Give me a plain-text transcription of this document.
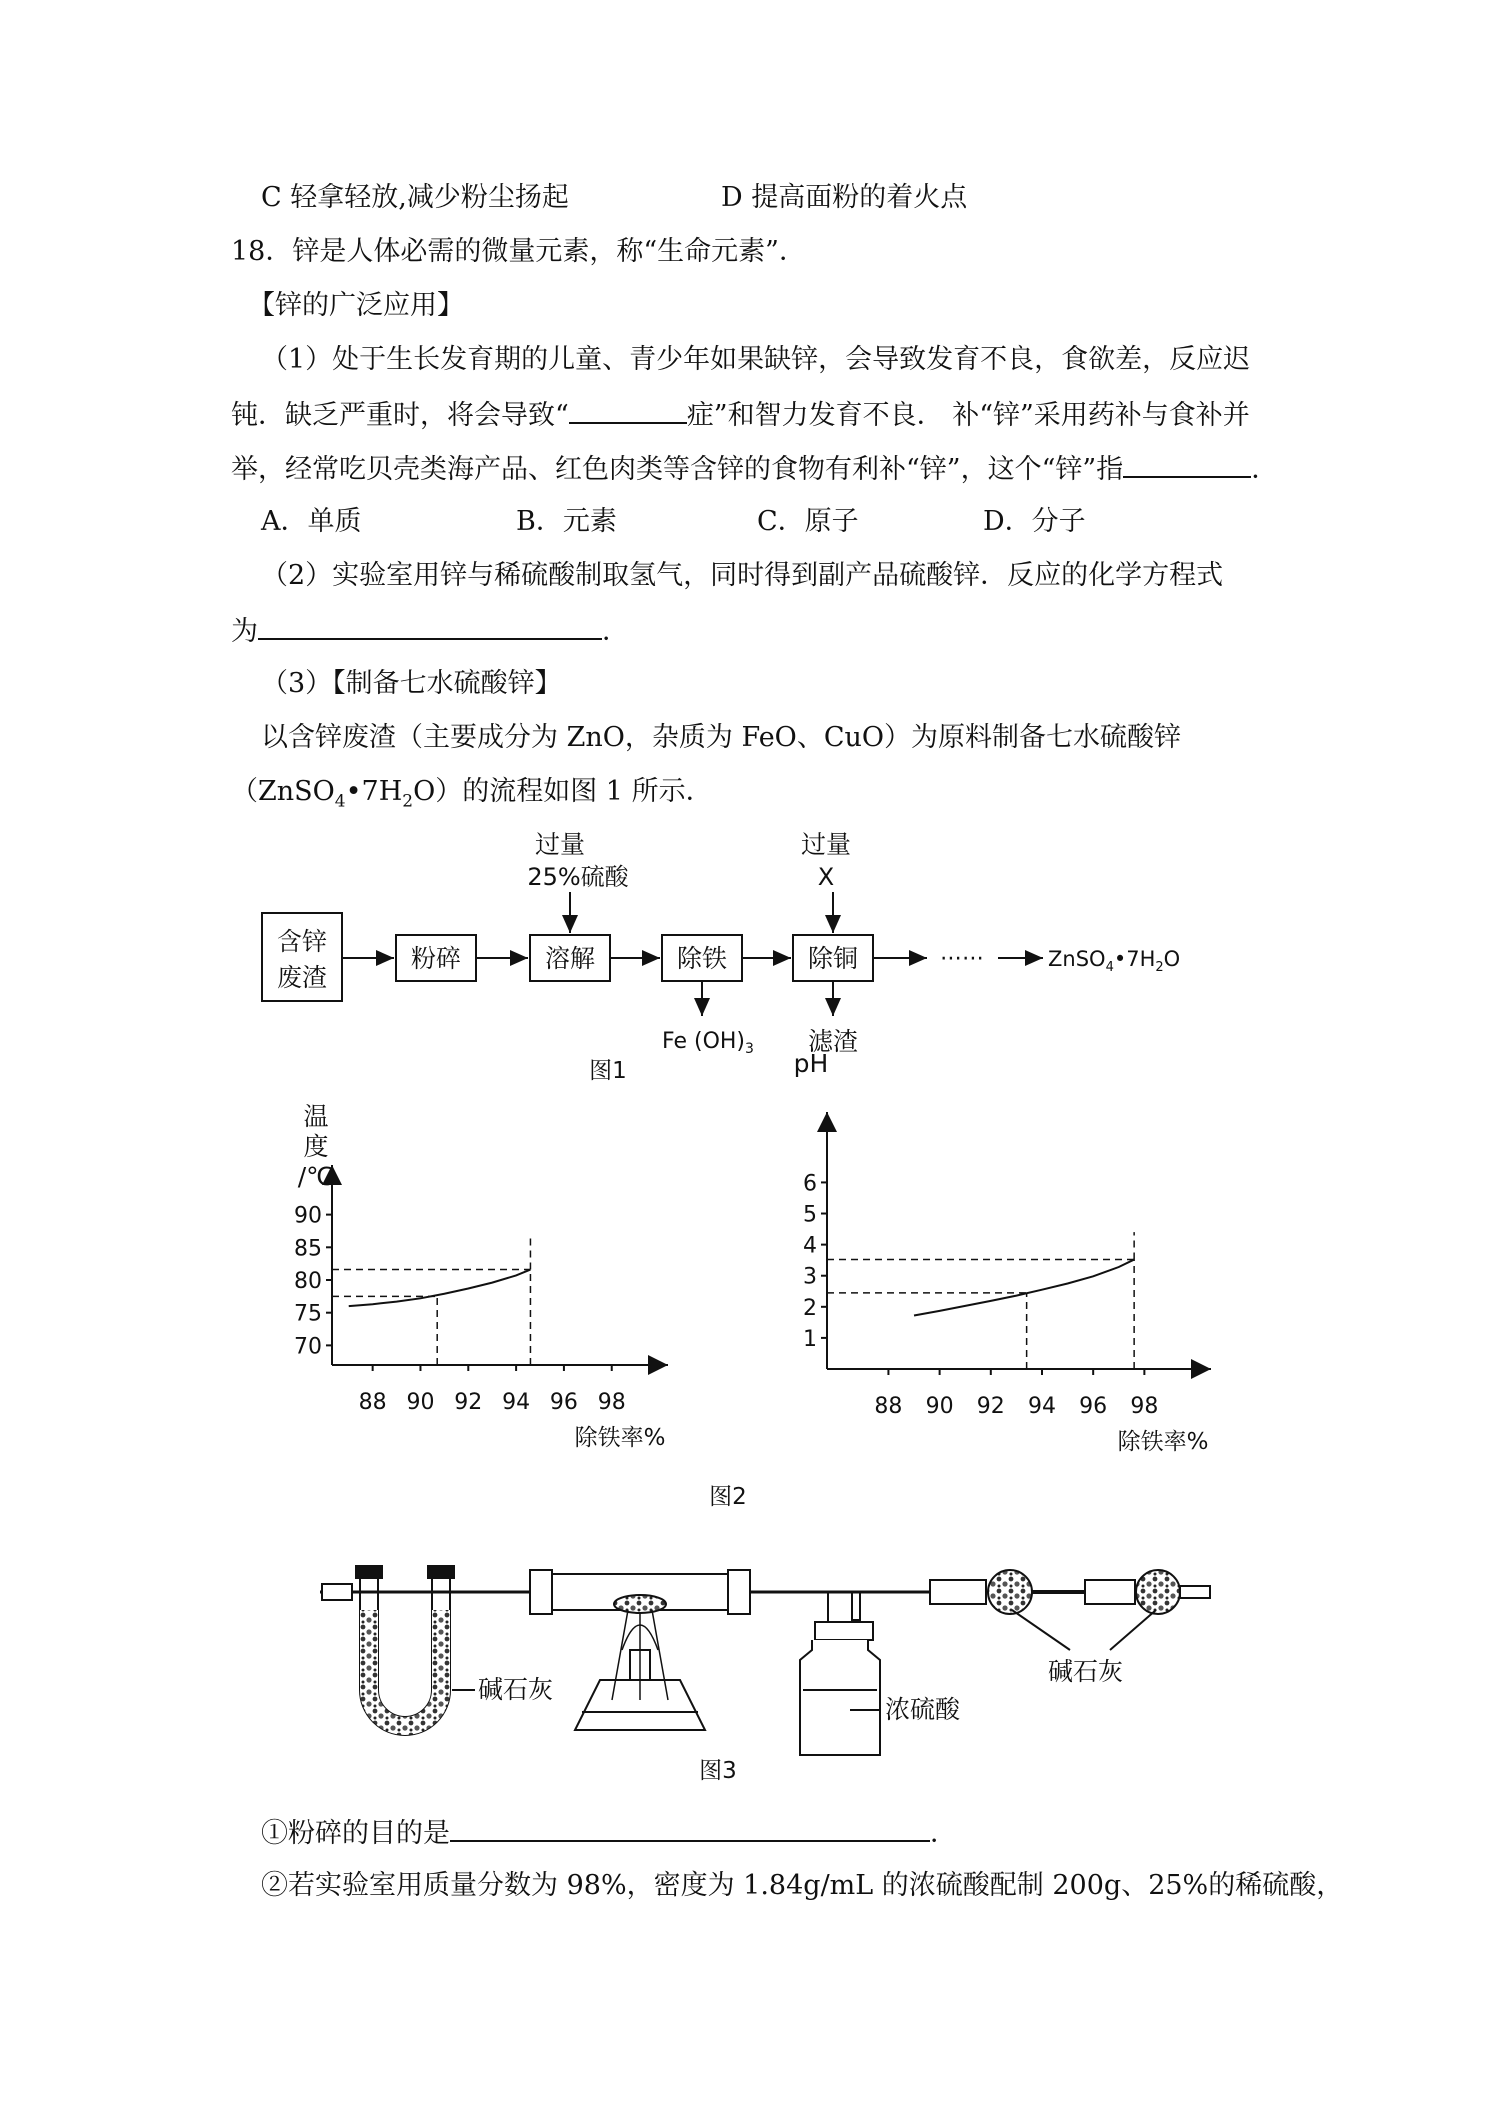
C 轻拿轻放,减少粉尘扬起	D 提高面粉的着火点
18．锌是人体必需的微量元素，称“生命元素”．
【锌的广泛应用】
（1）处于生长发育期的儿童、青少年如果缺锌，会导致发育不良，食欲差，反应迟
钝．缺乏严重时，将会导致“	症”和智力发育不良． 补“锌”采用药补与食补并
举，经常吃贝壳类海产品、红色肉类等含锌的食物有利补“锌”，这个“锌”指	．
A．单质	B．元素	C．原子	D．分子
（2）实验室用锌与稀硫酸制取氢气，同时得到副产品硫酸锌．反应的化学方程式
为	．
（3）【制备七水硫酸锌】
以含锌废渣（主要成分为 ZnO，杂质为 FeO、CuO）为原料制备七水硫酸锌
$(ZnSO_4•7H_2O)$的流程如图 1 所示．
含锌
废渣
粉碎	溶解	除铁	除铜
过量
25%硫酸
过量
X
⋯⋯	$ZnSO_4•7H_2O$
Fe $(OH)_3$ 滤渣
图1
70
75
80
85
90
88 90 92 94 96 98
除铁率%
温
度
/℃
1
2
3
4
5
6
88 90 92 94 96 98
除铁率%
pH
图2
碱石灰
浓硫酸
碱石灰
图3
①粉碎的目的是	．
②若实验室用质量分数为 98%，密度为 1.84g/mL 的浓硫酸配制 200g、25%的稀硫酸，
